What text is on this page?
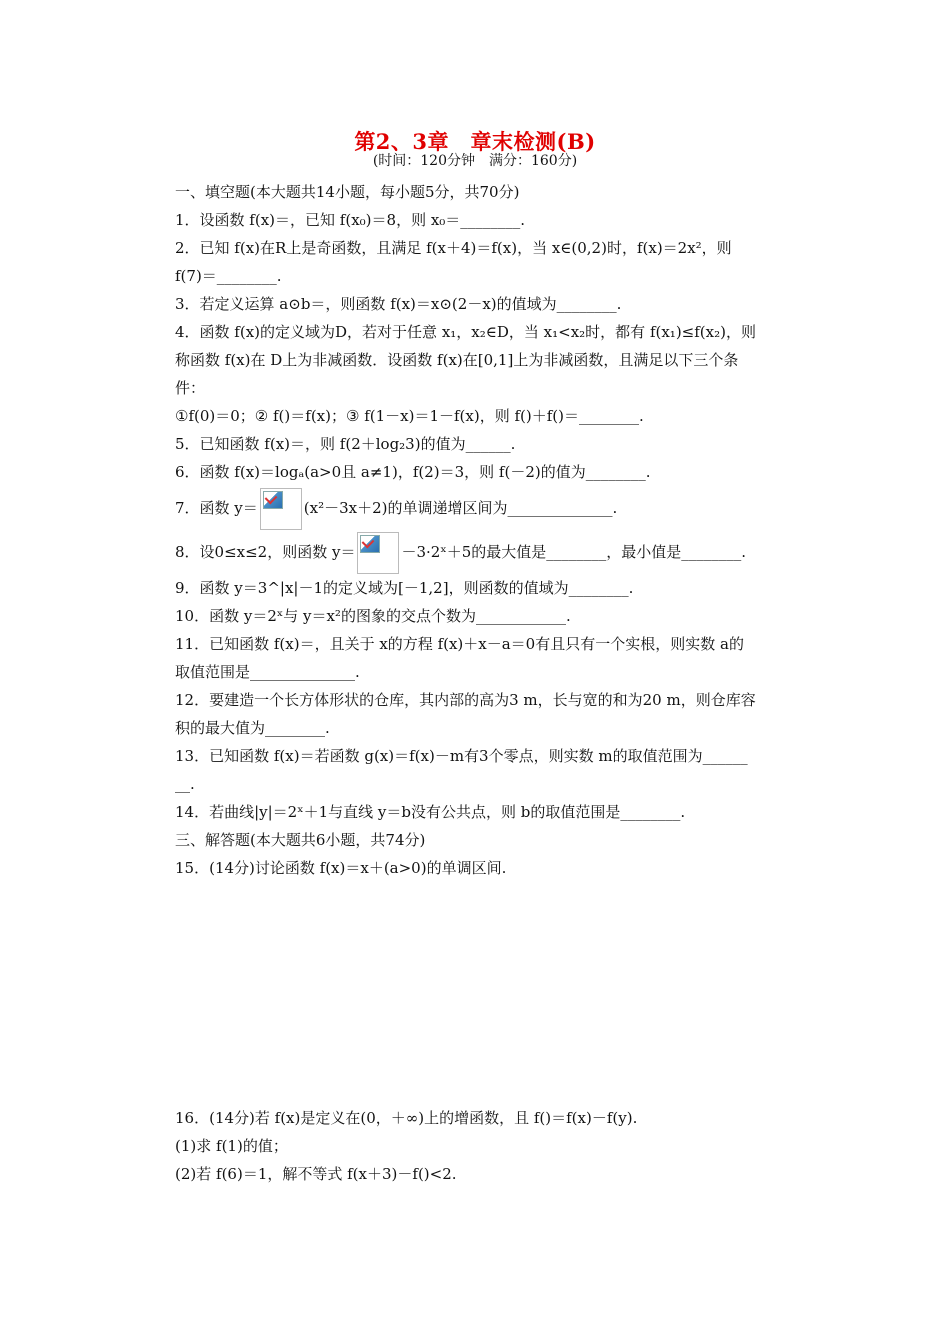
第2、3章　章末检测(B)
(时间：120分钟　满分：160分)
一、填空题(本大题共14小题，每小题5分，共70分)
1．设函数 f(x)＝，已知 f(x₀)＝8，则 x₀＝________.
2．已知 f(x)在R上是奇函数，且满足 f(x＋4)＝f(x)，当 x∈(0,2)时，f(x)＝2x²，则
f(7)＝________.
3．若定义运算 a⊙b＝，则函数 f(x)＝x⊙(2－x)的值域为________.
4．函数 f(x)的定义域为D，若对于任意 x₁，x₂∈D，当 x₁<x₂时，都有 f(x₁)≤f(x₂)，则
称函数 f(x)在 D上为非减函数．设函数 f(x)在[0,1]上为非减函数，且满足以下三个条
件：
①f(0)＝0；② f()＝f(x)；③ f(1－x)＝1－f(x)，则 f()＋f()＝________.
5．已知函数 f(x)＝，则 f(2＋log₂3)的值为______.
6．函数 f(x)＝logₐ(a>0且 a≠1)，f(2)＝3，则 f(－2)的值为________.
7．函数 y＝	(x²－3x＋2)的单调递增区间为______________.
8．设0≤x≤2，则函数 y＝	－3·2ˣ＋5的最大值是________，最小值是________.
9．函数 y＝3^|x|－1的定义域为[－1,2]，则函数的值域为________.
10．函数 y＝2ˣ与 y＝x²的图象的交点个数为____________.
11．已知函数 f(x)＝，且关于 x的方程 f(x)＋x－a＝0有且只有一个实根，则实数 a的
取值范围是______________.
12．要建造一个长方体形状的仓库，其内部的高为3 m，长与宽的和为20 m，则仓库容
积的最大值为________.
13．已知函数 f(x)＝若函数 g(x)＝f(x)－m有3个零点，则实数 m的取值范围为______
__.
14．若曲线|y|＝2ˣ＋1与直线 y＝b没有公共点，则 b的取值范围是________.
三、解答题(本大题共6小题，共74分)
15．(14分)讨论函数 f(x)＝x＋(a>0)的单调区间.
16．(14分)若 f(x)是定义在(0，＋∞)上的增函数，且 f()＝f(x)－f(y).
(1)求 f(1)的值；
(2)若 f(6)＝1，解不等式 f(x＋3)－f()<2.
